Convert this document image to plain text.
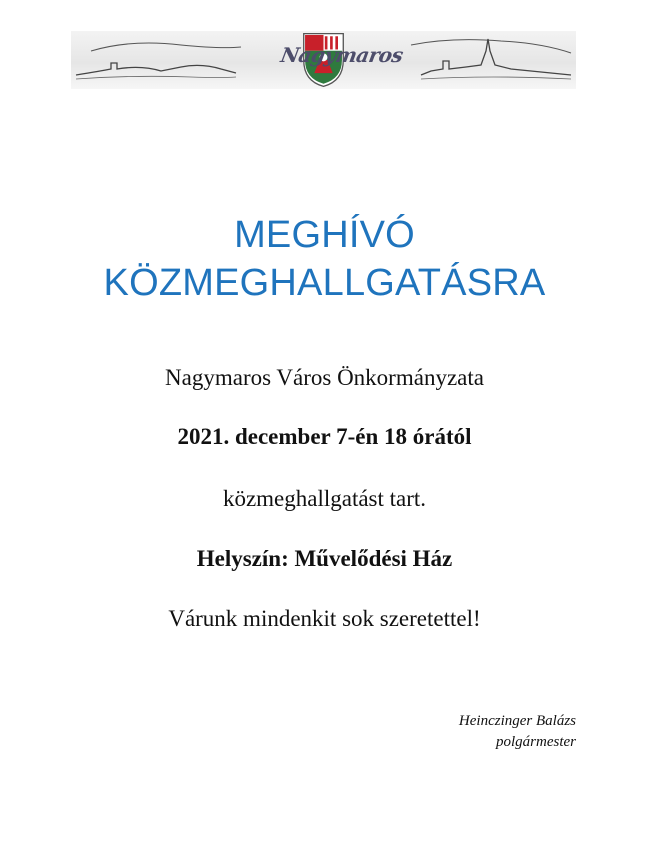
Nagymaros
MEGHÍVÓ
KÖZMEGHALLGATÁSRA
Nagymaros Város Önkormányzata
2021. december 7-én 18 órától
közmeghallgatást tart.
Helyszín: Művelődési Ház
Várunk mindenkit sok szeretettel!
Heinczinger Balázs
polgármester
